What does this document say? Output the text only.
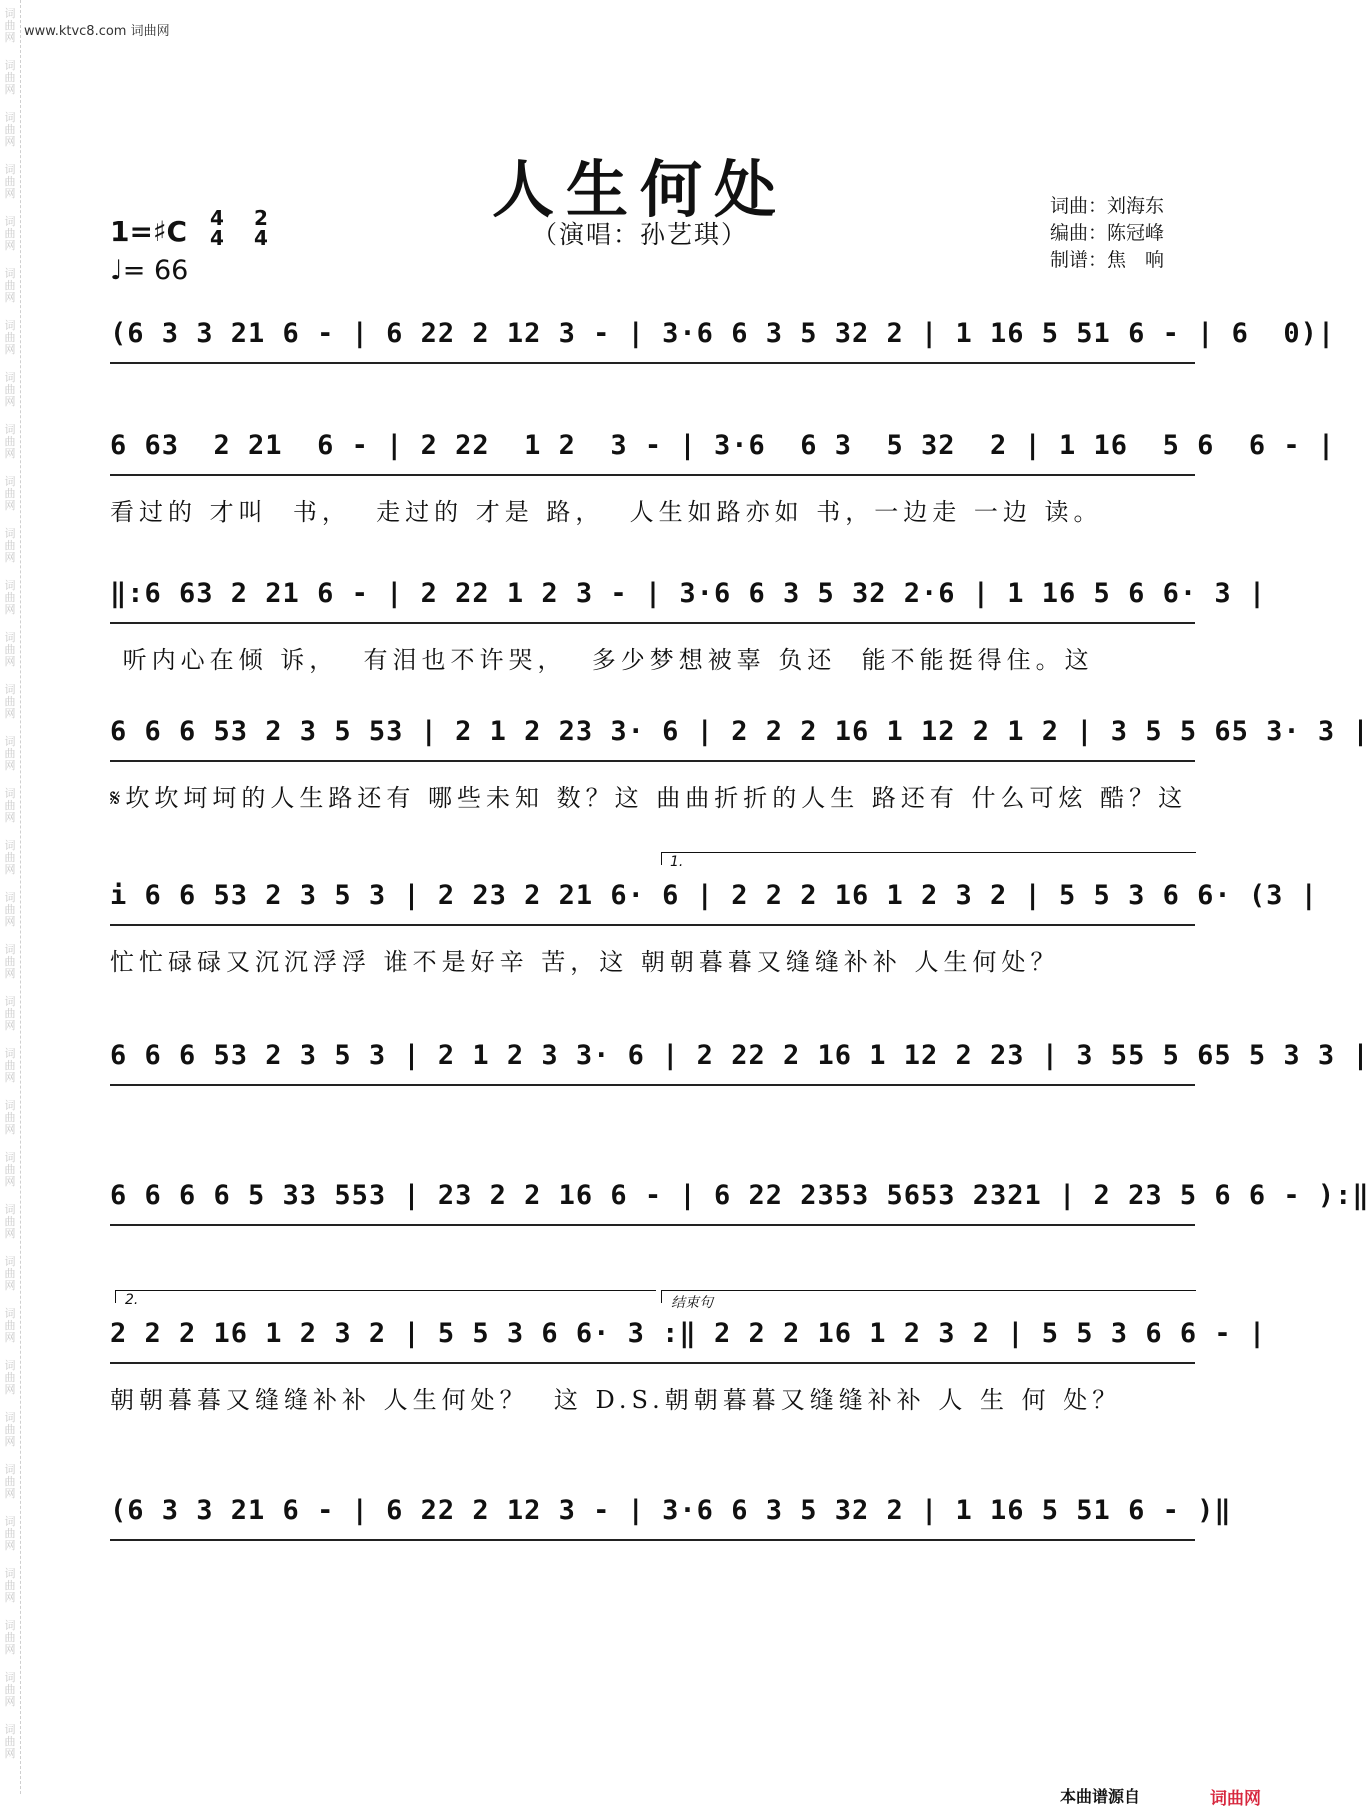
词曲网
词曲网
词曲网
词曲网
词曲网
词曲网
词曲网
词曲网
词曲网
词曲网
词曲网
词曲网
词曲网
词曲网
词曲网
词曲网
词曲网
词曲网
词曲网
词曲网
词曲网
词曲网
词曲网
词曲网
词曲网
词曲网
词曲网
词曲网
词曲网
词曲网
词曲网
词曲网
词曲网
词曲网
www.ktvc8.com 词曲网
人生何处
（演唱：孙艺琪）
1=♯C 4
4
2
4
♩= 66
词曲：刘海东
编曲：陈冠峰
制谱：焦　响
(6 3 3 21 6 - | 6 22 2 12 3 - | 3·6 6 3 5 32 2 | 1 16 5 51 6 - | 6  0)|
6 63  2 21  6 - | 2 22  1 2  3 - | 3·6  6 3  5 32  2 | 1 16  5 6  6 - |
看过的 才叫  书，  走过的 才是 路，  人生如路亦如 书，一边走 一边 读。
‖:6 63 2 21 6 - | 2 22 1 2 3 - | 3·6 6 3 5 32 2·6 | 1 16 5 6 6· 3 |
听内心在倾 诉，  有泪也不许哭，  多少梦想被辜 负还  能不能挺得住。这
6 6 6 53 2 3 5 53 | 2 1 2 23 3· 6 | 2 2 2 16 1 12 2 1 2 | 3 5 5 65 3· 3 |
𝄋坎坎坷坷的人生路还有 哪些未知 数？这 曲曲折折的人生 路还有 什么可炫 酷？这
1.
i 6 6 53 2 3 5 3 | 2 23 2 21 6· 6 | 2 2 2 16 1 2 3 2 | 5 5 3 6 6· (3 |
忙忙碌碌又沉沉浮浮 谁不是好辛 苦，这 朝朝暮暮又缝缝补补 人生何处？
6 6 6 53 2 3 5 3 | 2 1 2 3 3· 6 | 2 22 2 16 1 12 2 23 | 3 55 5 65 5 3 3 |
6 6 6 6 5 33 553 | 23 2 2 16 6 - | 6 22 2353 5653 2321 | 2 23 5 6 6 - ):‖
2.	结束句
2 2 2 16 1 2 3 2 | 5 5 3 6 6· 3 :‖ 2 2 2 16 1 2 3 2 | 5 5 3 6 6 - |
朝朝暮暮又缝缝补补 人生何处？  这 D.S.朝朝暮暮又缝缝补补 人 生 何 处？
(6 3 3 21 6 - | 6 22 2 12 3 - | 3·6 6 3 5 32 2 | 1 16 5 51 6 - )‖
本曲谱源自	词曲网
